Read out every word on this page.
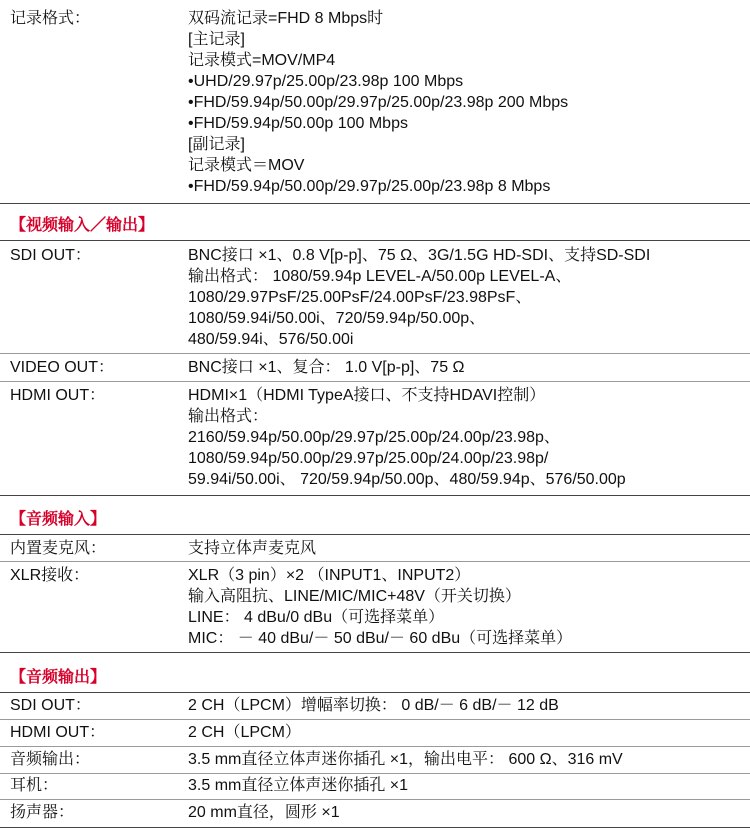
记录格式：	双码流记录=FHD 8 Mbps时
[主记录]
记录模式=MOV/MP4
•UHD/29.97p/25.00p/23.98p 100 Mbps
•FHD/59.94p/50.00p/29.97p/25.00p/23.98p 200 Mbps
•FHD/59.94p/50.00p 100 Mbps
[副记录]
记录模式＝MOV
•FHD/59.94p/50.00p/29.97p/25.00p/23.98p 8 Mbps
【视频输入／输出】
SDI OUT：	BNC接口 ×1、0.8 V[p-p]、75 Ω、3G/1.5G HD-SDI、支持SD-SDI
输出格式： 1080/59.94p LEVEL-A/50.00p LEVEL-A、
1080/29.97PsF/25.00PsF/24.00PsF/23.98PsF、
1080/59.94i/50.00i、720/59.94p/50.00p、
480/59.94i、576/50.00i
VIDEO OUT：	BNC接口 ×1、复合： 1.0 V[p-p]、75 Ω
HDMI OUT：	HDMI×1（HDMI TypeA接口、不支持HDAVI控制）
输出格式：
2160/59.94p/50.00p/29.97p/25.00p/24.00p/23.98p、
1080/59.94p/50.00p/29.97p/25.00p/24.00p/23.98p/
59.94i/50.00i、 720/59.94p/50.00p、480/59.94p、576/50.00p
【音频输入】
内置麦克风：	支持立体声麦克风
XLR接收：	XLR（3 pin）×2 （INPUT1、INPUT2）
输入高阻抗、LINE/MIC/MIC+48V（开关切换）
LINE： 4 dBu/0 dBu（可选择菜单）
MIC： － 40 dBu/－ 50 dBu/－ 60 dBu（可选择菜单）
【音频输出】
SDI OUT：	2 CH（LPCM）增幅率切换： 0 dB/－ 6 dB/－ 12 dB
HDMI OUT：	2 CH（LPCM）
音频输出：	3.5 mm直径立体声迷你插孔 ×1，输出电平： 600 Ω、316 mV
耳机：	3.5 mm直径立体声迷你插孔 ×1
扬声器：	20 mm直径，圆形 ×1
